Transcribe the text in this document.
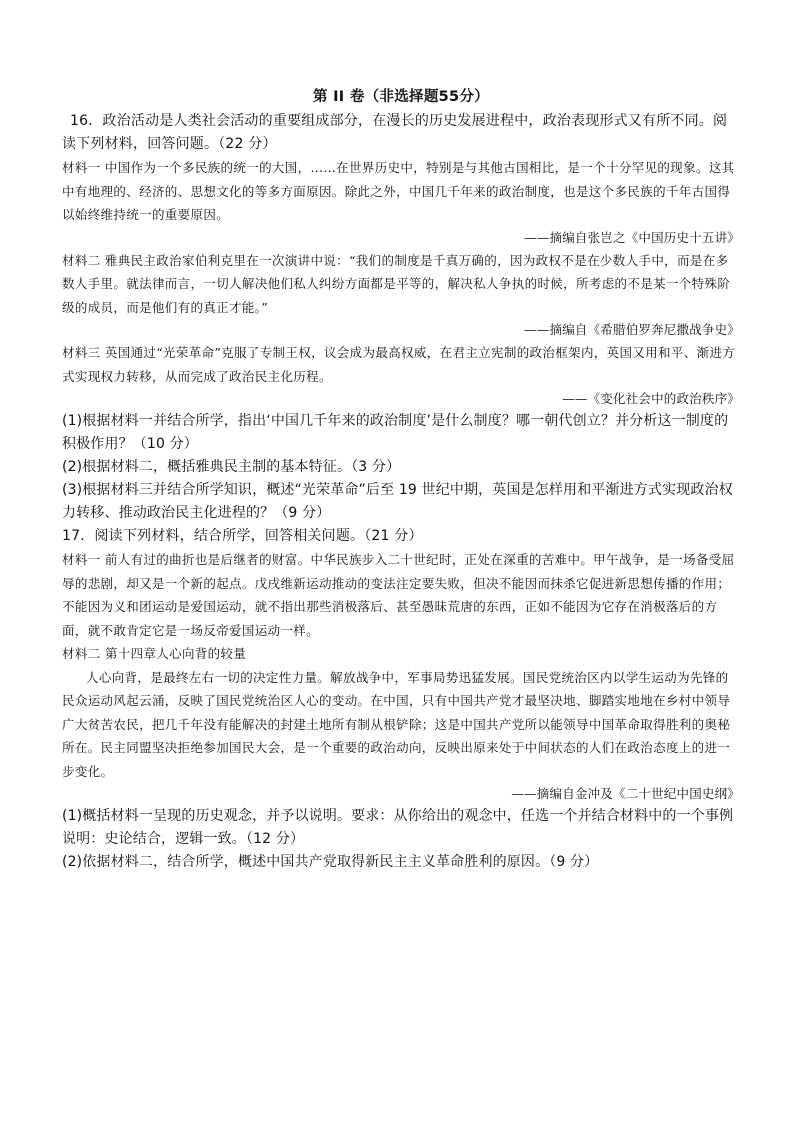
第 II 卷（非选择题55分）
16．政治活动是人类社会活动的重要组成部分，在漫长的历史发展进程中，政治表现形式又有所不同。阅读下列材料，回答问题。（22 分）
材料一 中国作为一个多民族的统一的大国，……在世界历史中，特别是与其他古国相比，是一个十分罕见的现象。这其中有地理的、经济的、思想文化的等多方面原因。除此之外，中国几千年来的政治制度，也是这个多民族的千年古国得以始终维持统一的重要原因。
——摘编自张岂之《中国历史十五讲》
材料二 雅典民主政治家伯利克里在一次演讲中说：“我们的制度是千真万确的，因为政权不是在少数人手中，而是在多数人手里。就法律而言，一切人解决他们私人纠纷方面都是平等的，解决私人争执的时候，所考虑的不是某一个特殊阶级的成员，而是他们有的真正才能。”
——摘编自《希腊伯罗奔尼撒战争史》
材料三 英国通过“光荣革命”克服了专制王权，议会成为最高权威，在君主立宪制的政治框架内，英国又用和平、渐进方式实现权力转移，从而完成了政治民主化历程。
——《变化社会中的政治秩序》
(1)根据材料一并结合所学，指出‘中国几千年来的政治制度’是什么制度？哪一朝代创立？并分析这一制度的积极作用？（10 分）
(2)根据材料二，概括雅典民主制的基本特征。（3 分）
(3)根据材料三并结合所学知识，概述“光荣革命”后至 19 世纪中期，英国是怎样用和平渐进方式实现政治权力转移、推动政治民主化进程的？（9 分）
17．阅读下列材料，结合所学，回答相关问题。（21 分）
材料一 前人有过的曲折也是后继者的财富。中华民族步入二十世纪时，正处在深重的苦难中。甲午战争，是一场备受屈辱的悲剧，却又是一个新的起点。戊戌维新运动推动的变法注定要失败，但决不能因而抹杀它促进新思想传播的作用；不能因为义和团运动是爱国运动，就不指出那些消极落后、甚至愚昧荒唐的东西，正如不能因为它存在消极落后的方面，就不敢肯定它是一场反帝爱国运动一样。
材料二 第十四章人心向背的较量
人心向背，是最终左右一切的决定性力量。解放战争中，军事局势迅猛发展。国民党统治区内以学生运动为先锋的民众运动风起云涌，反映了国民党统治区人心的变动。在中国，只有中国共产党才最坚决地、脚踏实地地在乡村中领导广大贫苦农民，把几千年没有能解决的封建土地所有制从根铲除；这是中国共产党所以能领导中国革命取得胜利的奥秘所在。民主同盟坚决拒绝参加国民大会，是一个重要的政治动向，反映出原来处于中间状态的人们在政治态度上的进一步变化。
——摘编自金冲及《二十世纪中国史纲》
(1)概括材料一呈现的历史观念，并予以说明。要求：从你给出的观念中，任选一个并结合材料中的一个事例说明：史论结合，逻辑一致。（12 分）
(2)依据材料二，结合所学，概述中国共产党取得新民主主义革命胜利的原因。（9 分）
